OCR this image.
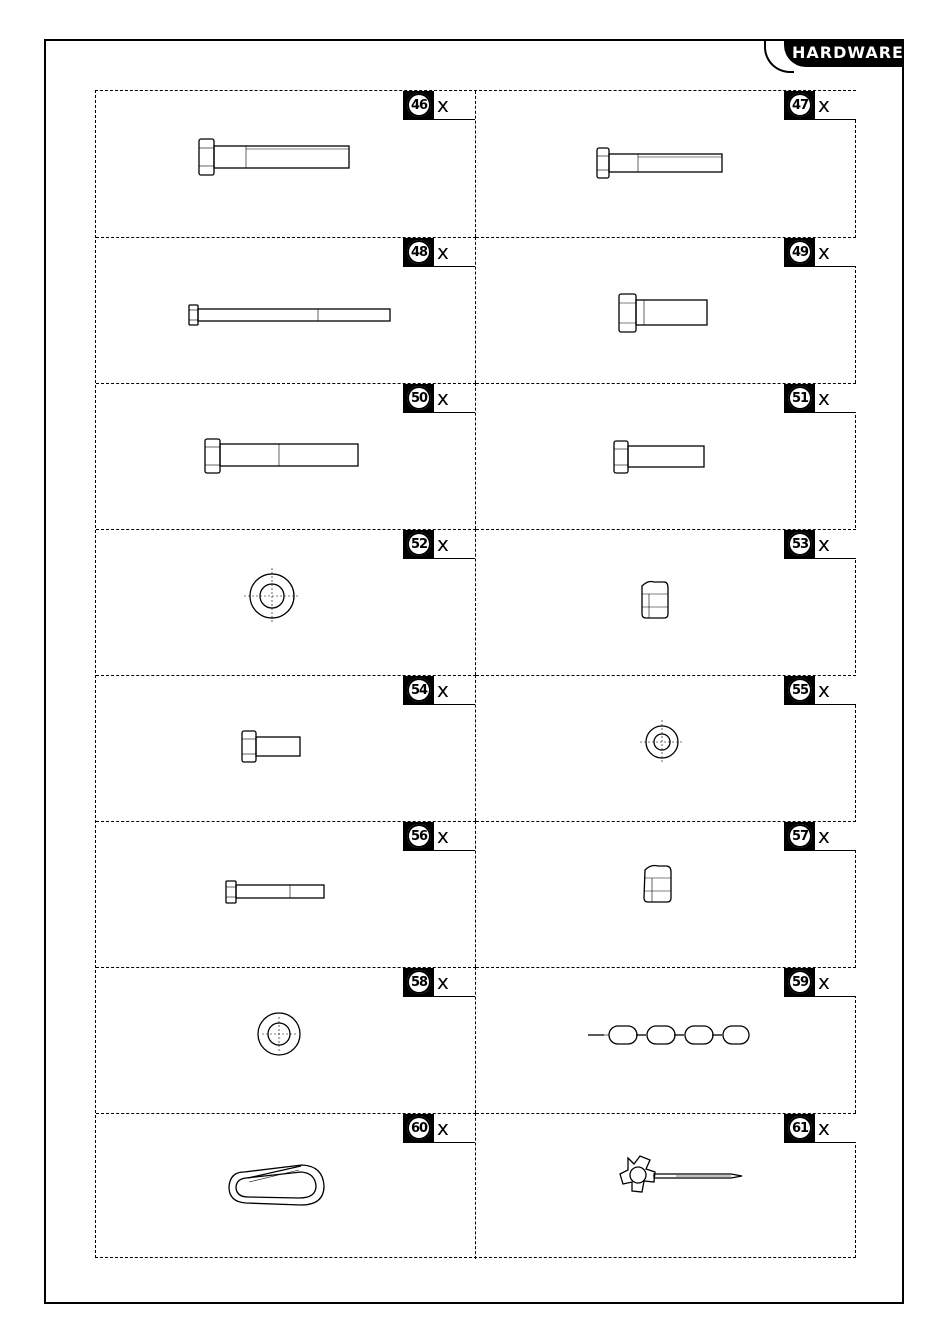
HARDWARE
46 x	47 x
48 x	49 x
50 x	51 x
52 x	53 x
54 x	55 x
56 x	57 x
58 x	59 x
60 x	61 x
